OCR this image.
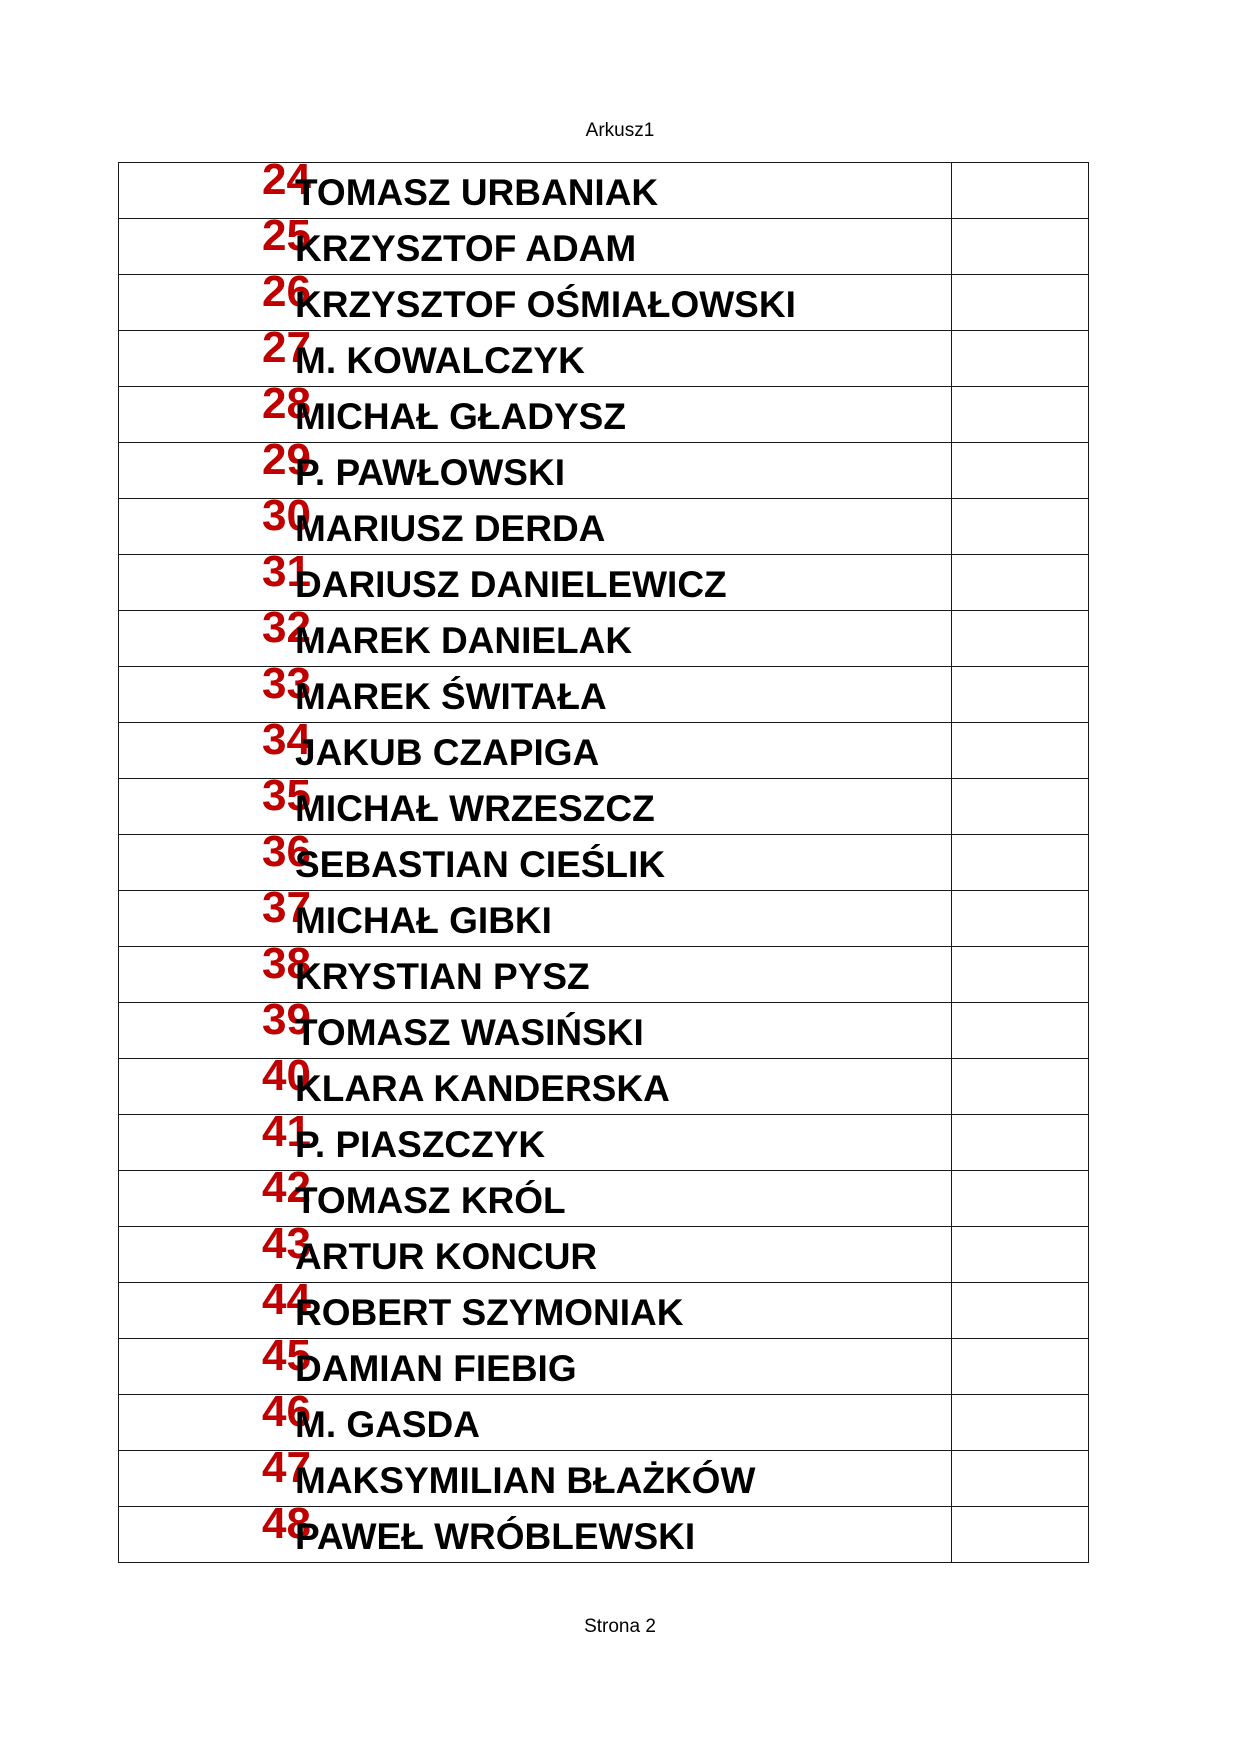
Arkusz1
24
TOMASZ URBANIAK	

25
KRZYSZTOF ADAM	

26
KRZYSZTOF OŚMIAŁOWSKI	

27
M. KOWALCZYK	

28
MICHAŁ GŁADYSZ	

29
P. PAWŁOWSKI	

30
MARIUSZ DERDA	

31
DARIUSZ DANIELEWICZ	

32
MAREK DANIELAK	

33
MAREK ŚWITAŁA	

34
JAKUB CZAPIGA	

35
MICHAŁ WRZESZCZ	

36
SEBASTIAN CIEŚLIK	

37
MICHAŁ GIBKI	

38
KRYSTIAN PYSZ	

39
TOMASZ WASIŃSKI	

40
KLARA KANDERSKA	

41
P. PIASZCZYK	

42
TOMASZ KRÓL	

43
ARTUR KONCUR	

44
ROBERT SZYMONIAK	

45
DAMIAN FIEBIG	

46
M. GASDA	

47
MAKSYMILIAN BŁAŻKÓW	

48
PAWEŁ WRÓBLEWSKI	

Strona 2
